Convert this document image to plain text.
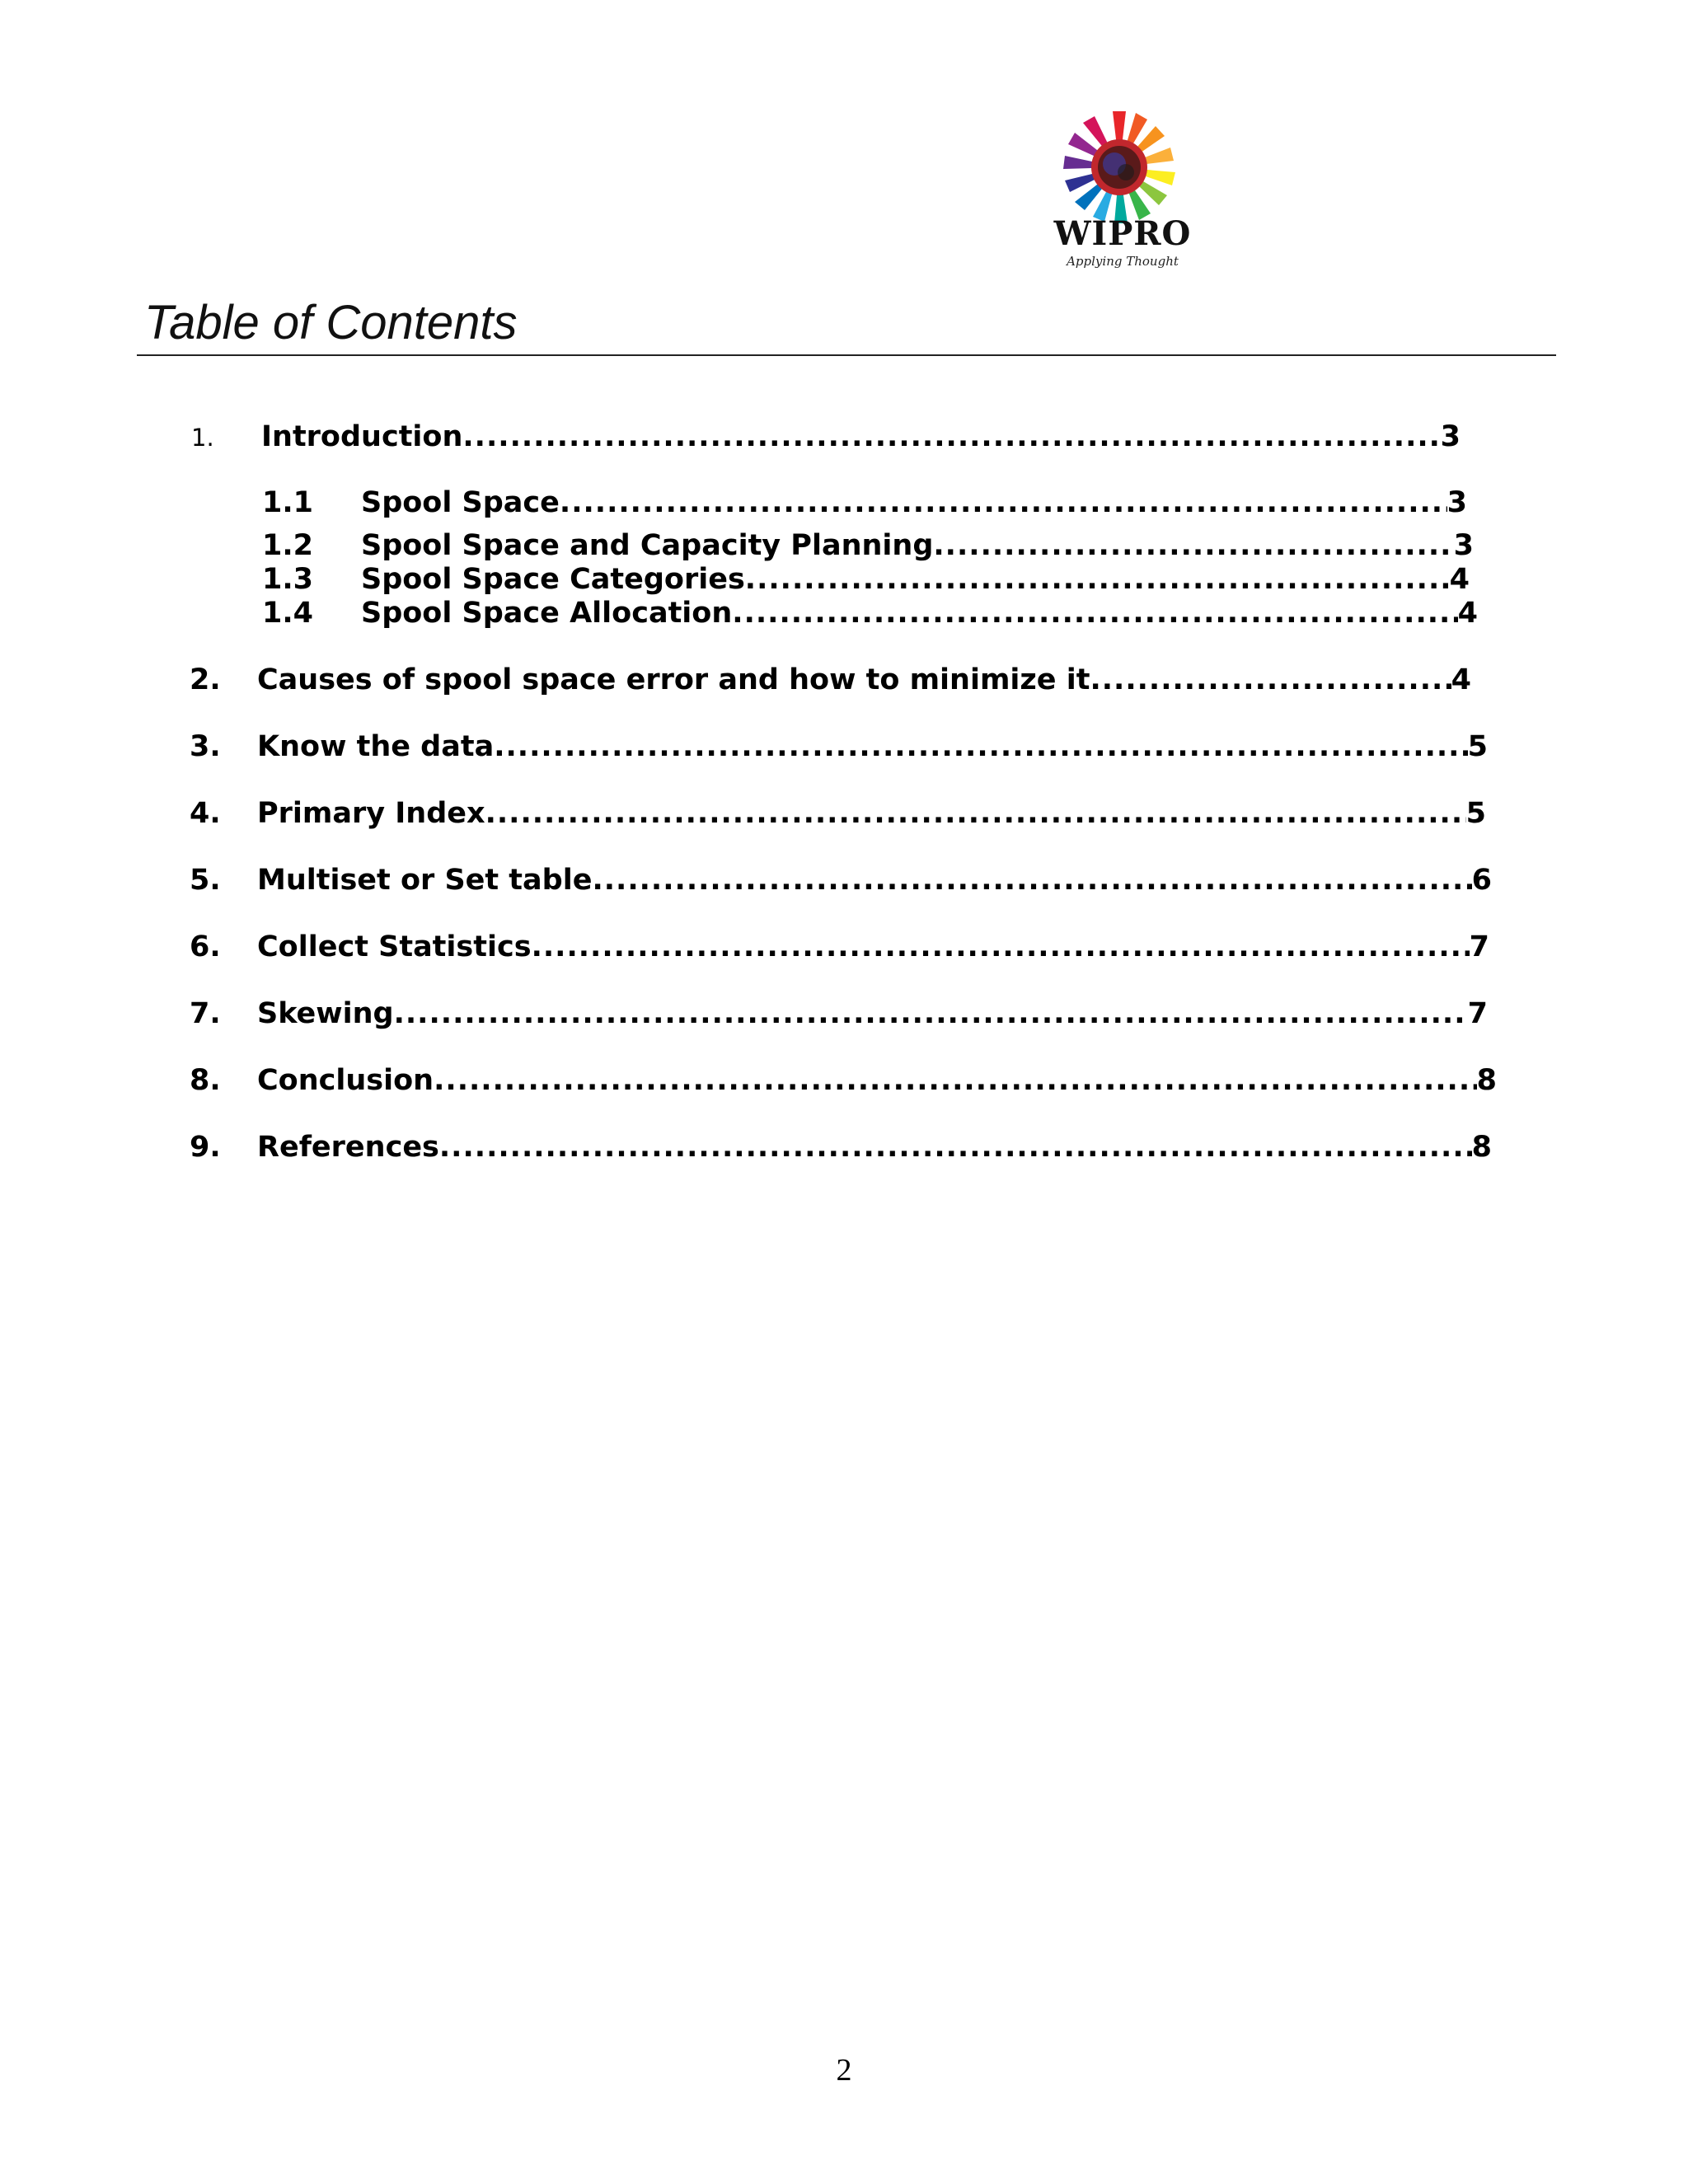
WIPRO
Applying Thought
Table of Contents
1.	Introduction .....	3
1.1	Spool Space .....	3
1.2	Spool Space and Capacity Planning .....	3
1.3	Spool Space Categories .....	4
1.4	Spool Space Allocation .....	4
2.	Causes of spool space error and how to minimize it .....	4
3.	Know the data .....	5
4.	Primary Index .....	5
5.	Multiset or Set table .....	6
6.	Collect Statistics .....	7
7.	Skewing .....	7
8.	Conclusion .....	8
9.	References .....	8
2
